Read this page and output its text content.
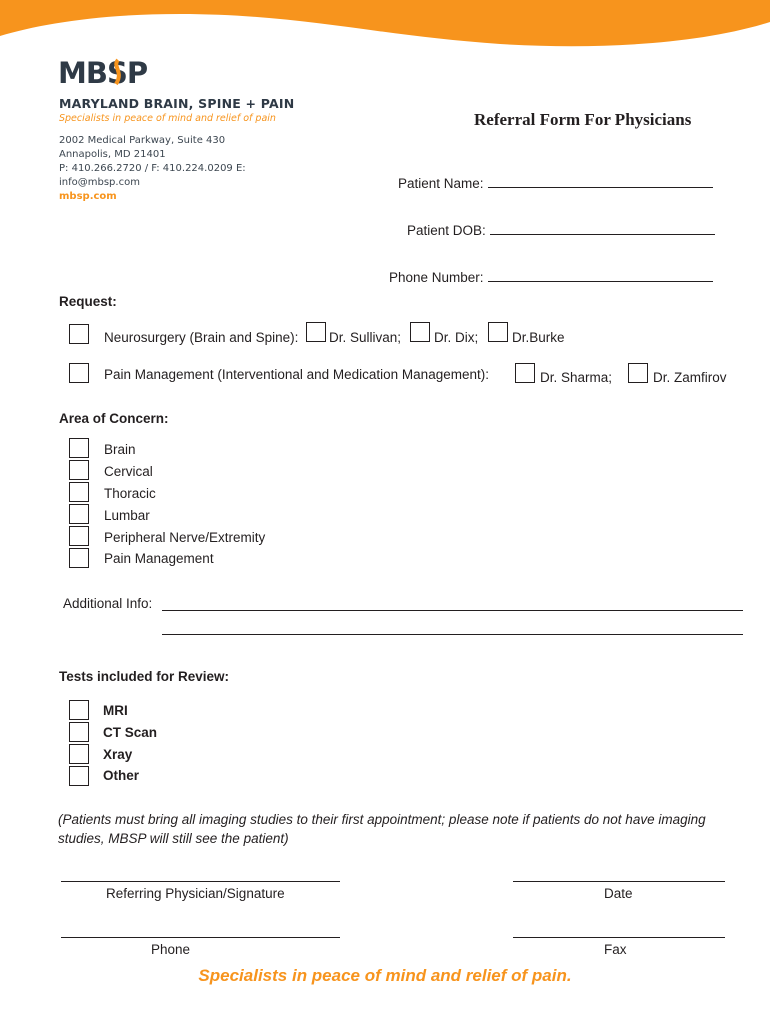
MBSP
MARYLAND BRAIN, SPINE + PAIN
Specialists in peace of mind and relief of pain
2002 Medical Parkway, Suite 430
Annapolis, MD 21401
P: 410.266.2720 / F: 410.224.0209 E:
info@mbsp.com
mbsp.com
Referral Form For Physicians
Patient Name:
Patient DOB:
Phone Number:
Request:
Neurosurgery (Brain and Spine): Dr. Sullivan; Dr. Dix; Dr.Burke
Pain Management (Interventional and Medication Management):	Dr. Sharma;	Dr. Zamfirov
Area of Concern:
Brain
Cervical
Thoracic
Lumbar
Peripheral Nerve/Extremity
Pain Management
Additional Info:
Tests included for Review:
MRI
CT Scan
Xray
Other
(Patients must bring all imaging studies to their first appointment; please note if patients do not have imaging studies, MBSP will still see the patient)
Referring Physician/Signature	Date
Phone	Fax
Specialists in peace of mind and relief of pain.
